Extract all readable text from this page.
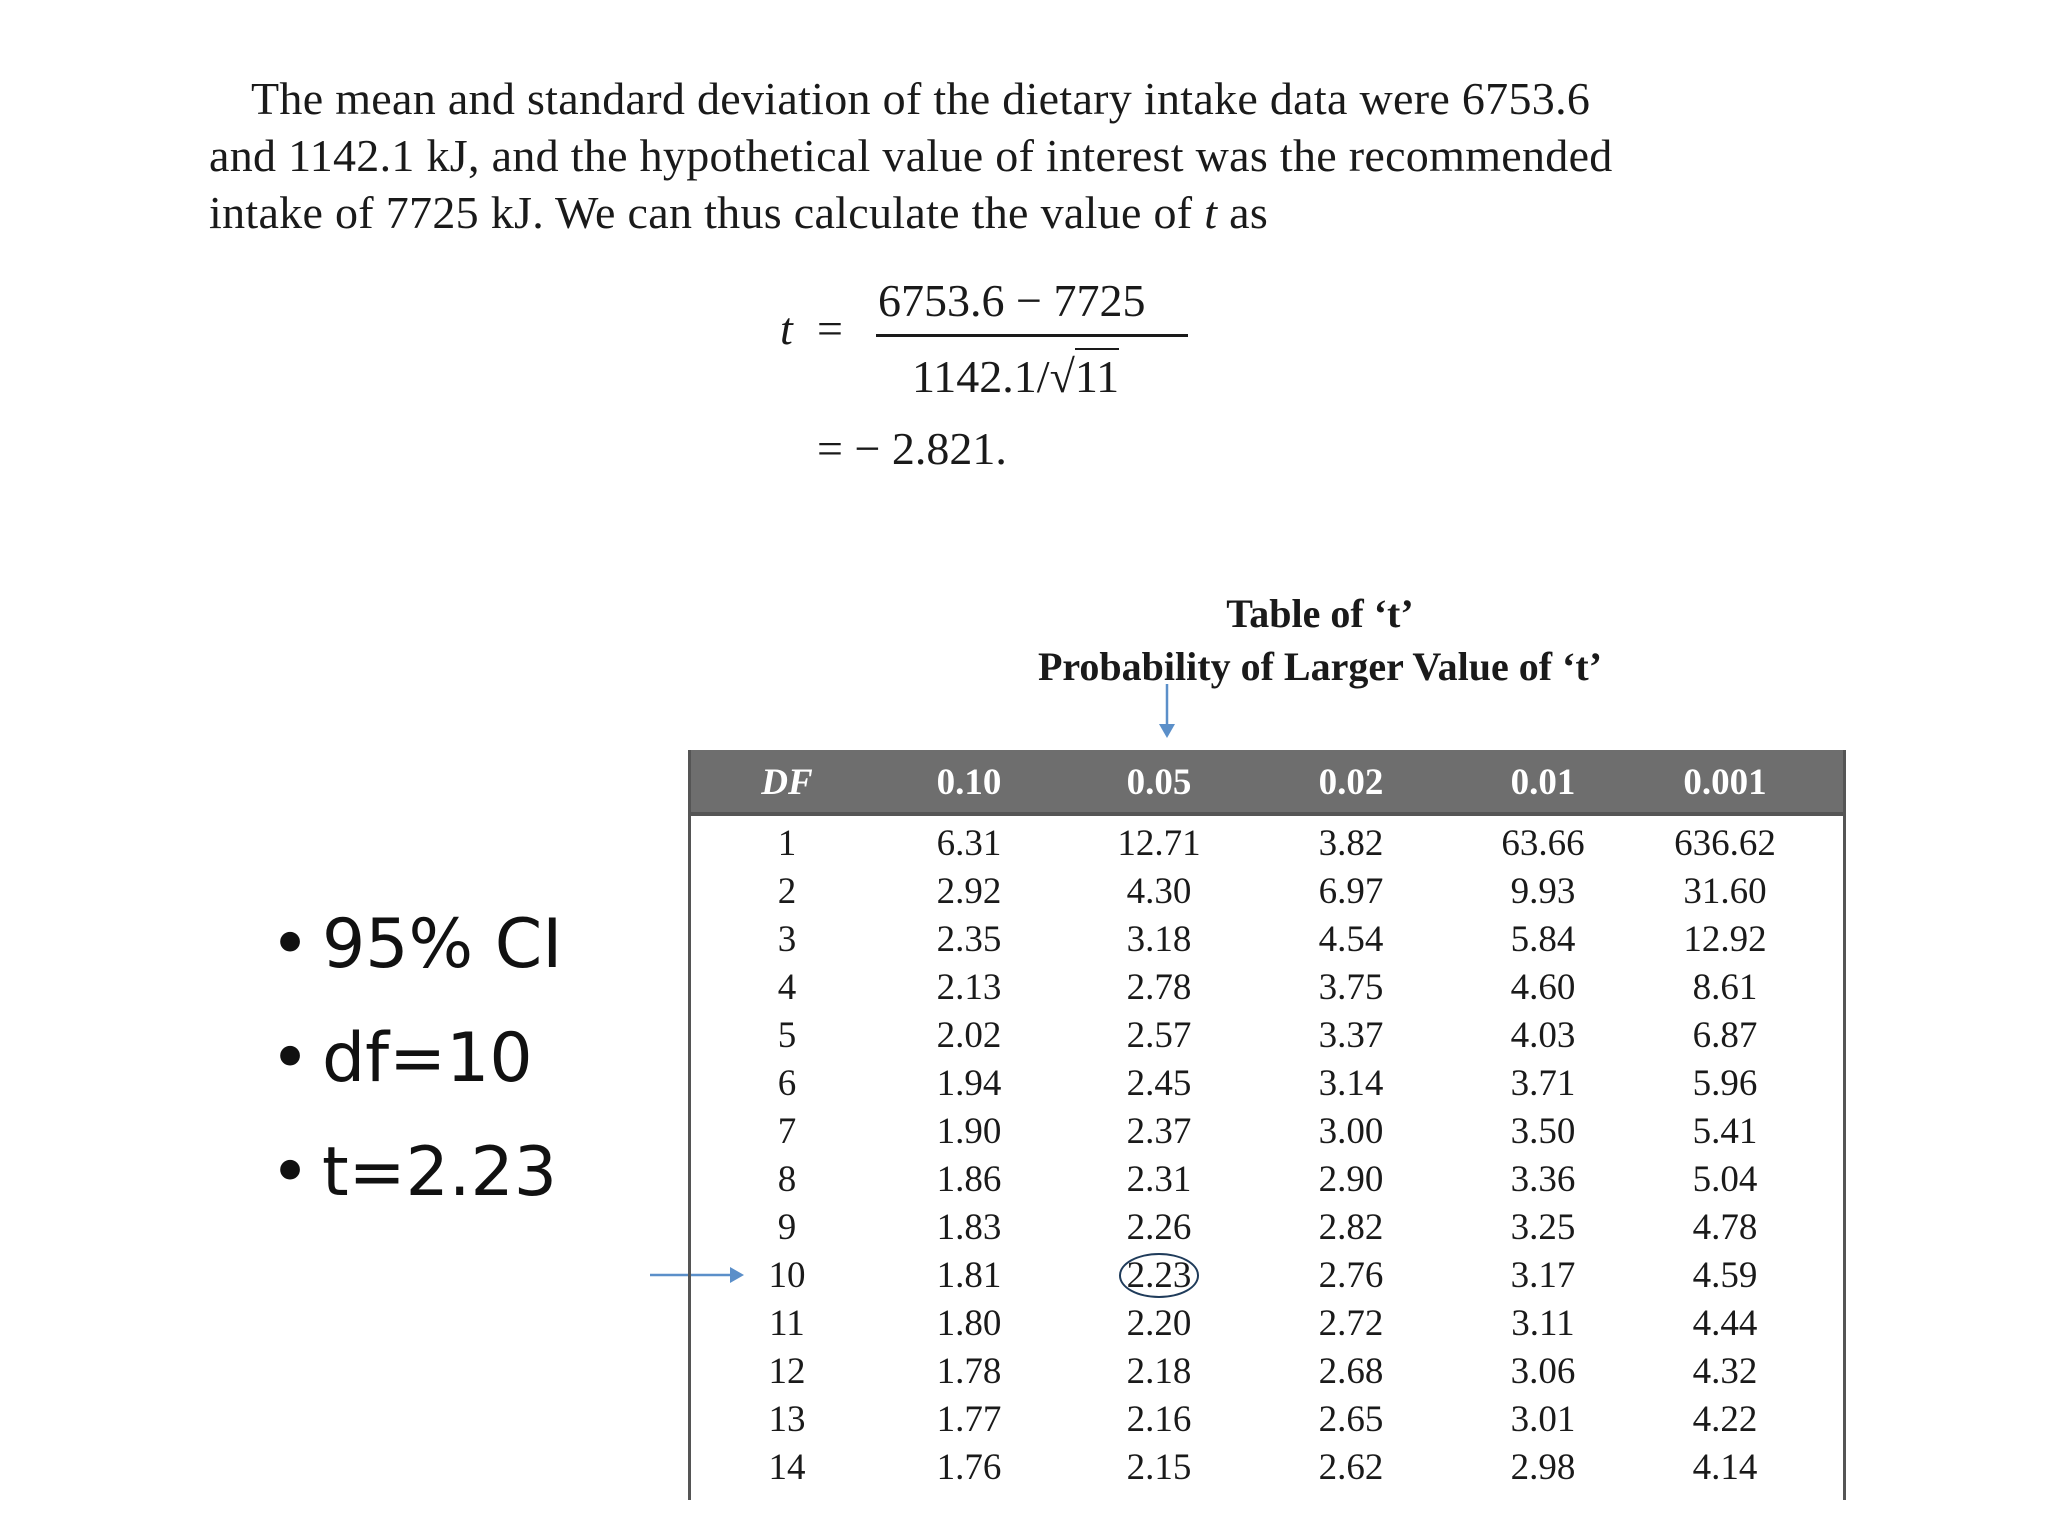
The mean and standard deviation of the dietary intake data were 6753.6
and 1142.1 kJ, and the hypothetical value of interest was the recommended
intake of 7725 kJ. We can thus calculate the value of t as
t =
6753.6 − 7725
1142.1/√11
= − 2.821.
Table of ‘t’
Probability of Larger Value of ‘t’
• 95% CI
• df=10
• t=2.23
DF	0.10	0.05	0.02	0.01	0.001
1	6.31	12.71	3.82	63.66	636.62
2	2.92	4.30	6.97	9.93	31.60
3	2.35	3.18	4.54	5.84	12.92
4	2.13	2.78	3.75	4.60	8.61
5	2.02	2.57	3.37	4.03	6.87
6	1.94	2.45	3.14	3.71	5.96
7	1.90	2.37	3.00	3.50	5.41
8	1.86	2.31	2.90	3.36	5.04
9	1.83	2.26	2.82	3.25	4.78
10	1.81	2.23	2.76	3.17	4.59
11	1.80	2.20	2.72	3.11	4.44
12	1.78	2.18	2.68	3.06	4.32
13	1.77	2.16	2.65	3.01	4.22
14	1.76	2.15	2.62	2.98	4.14
